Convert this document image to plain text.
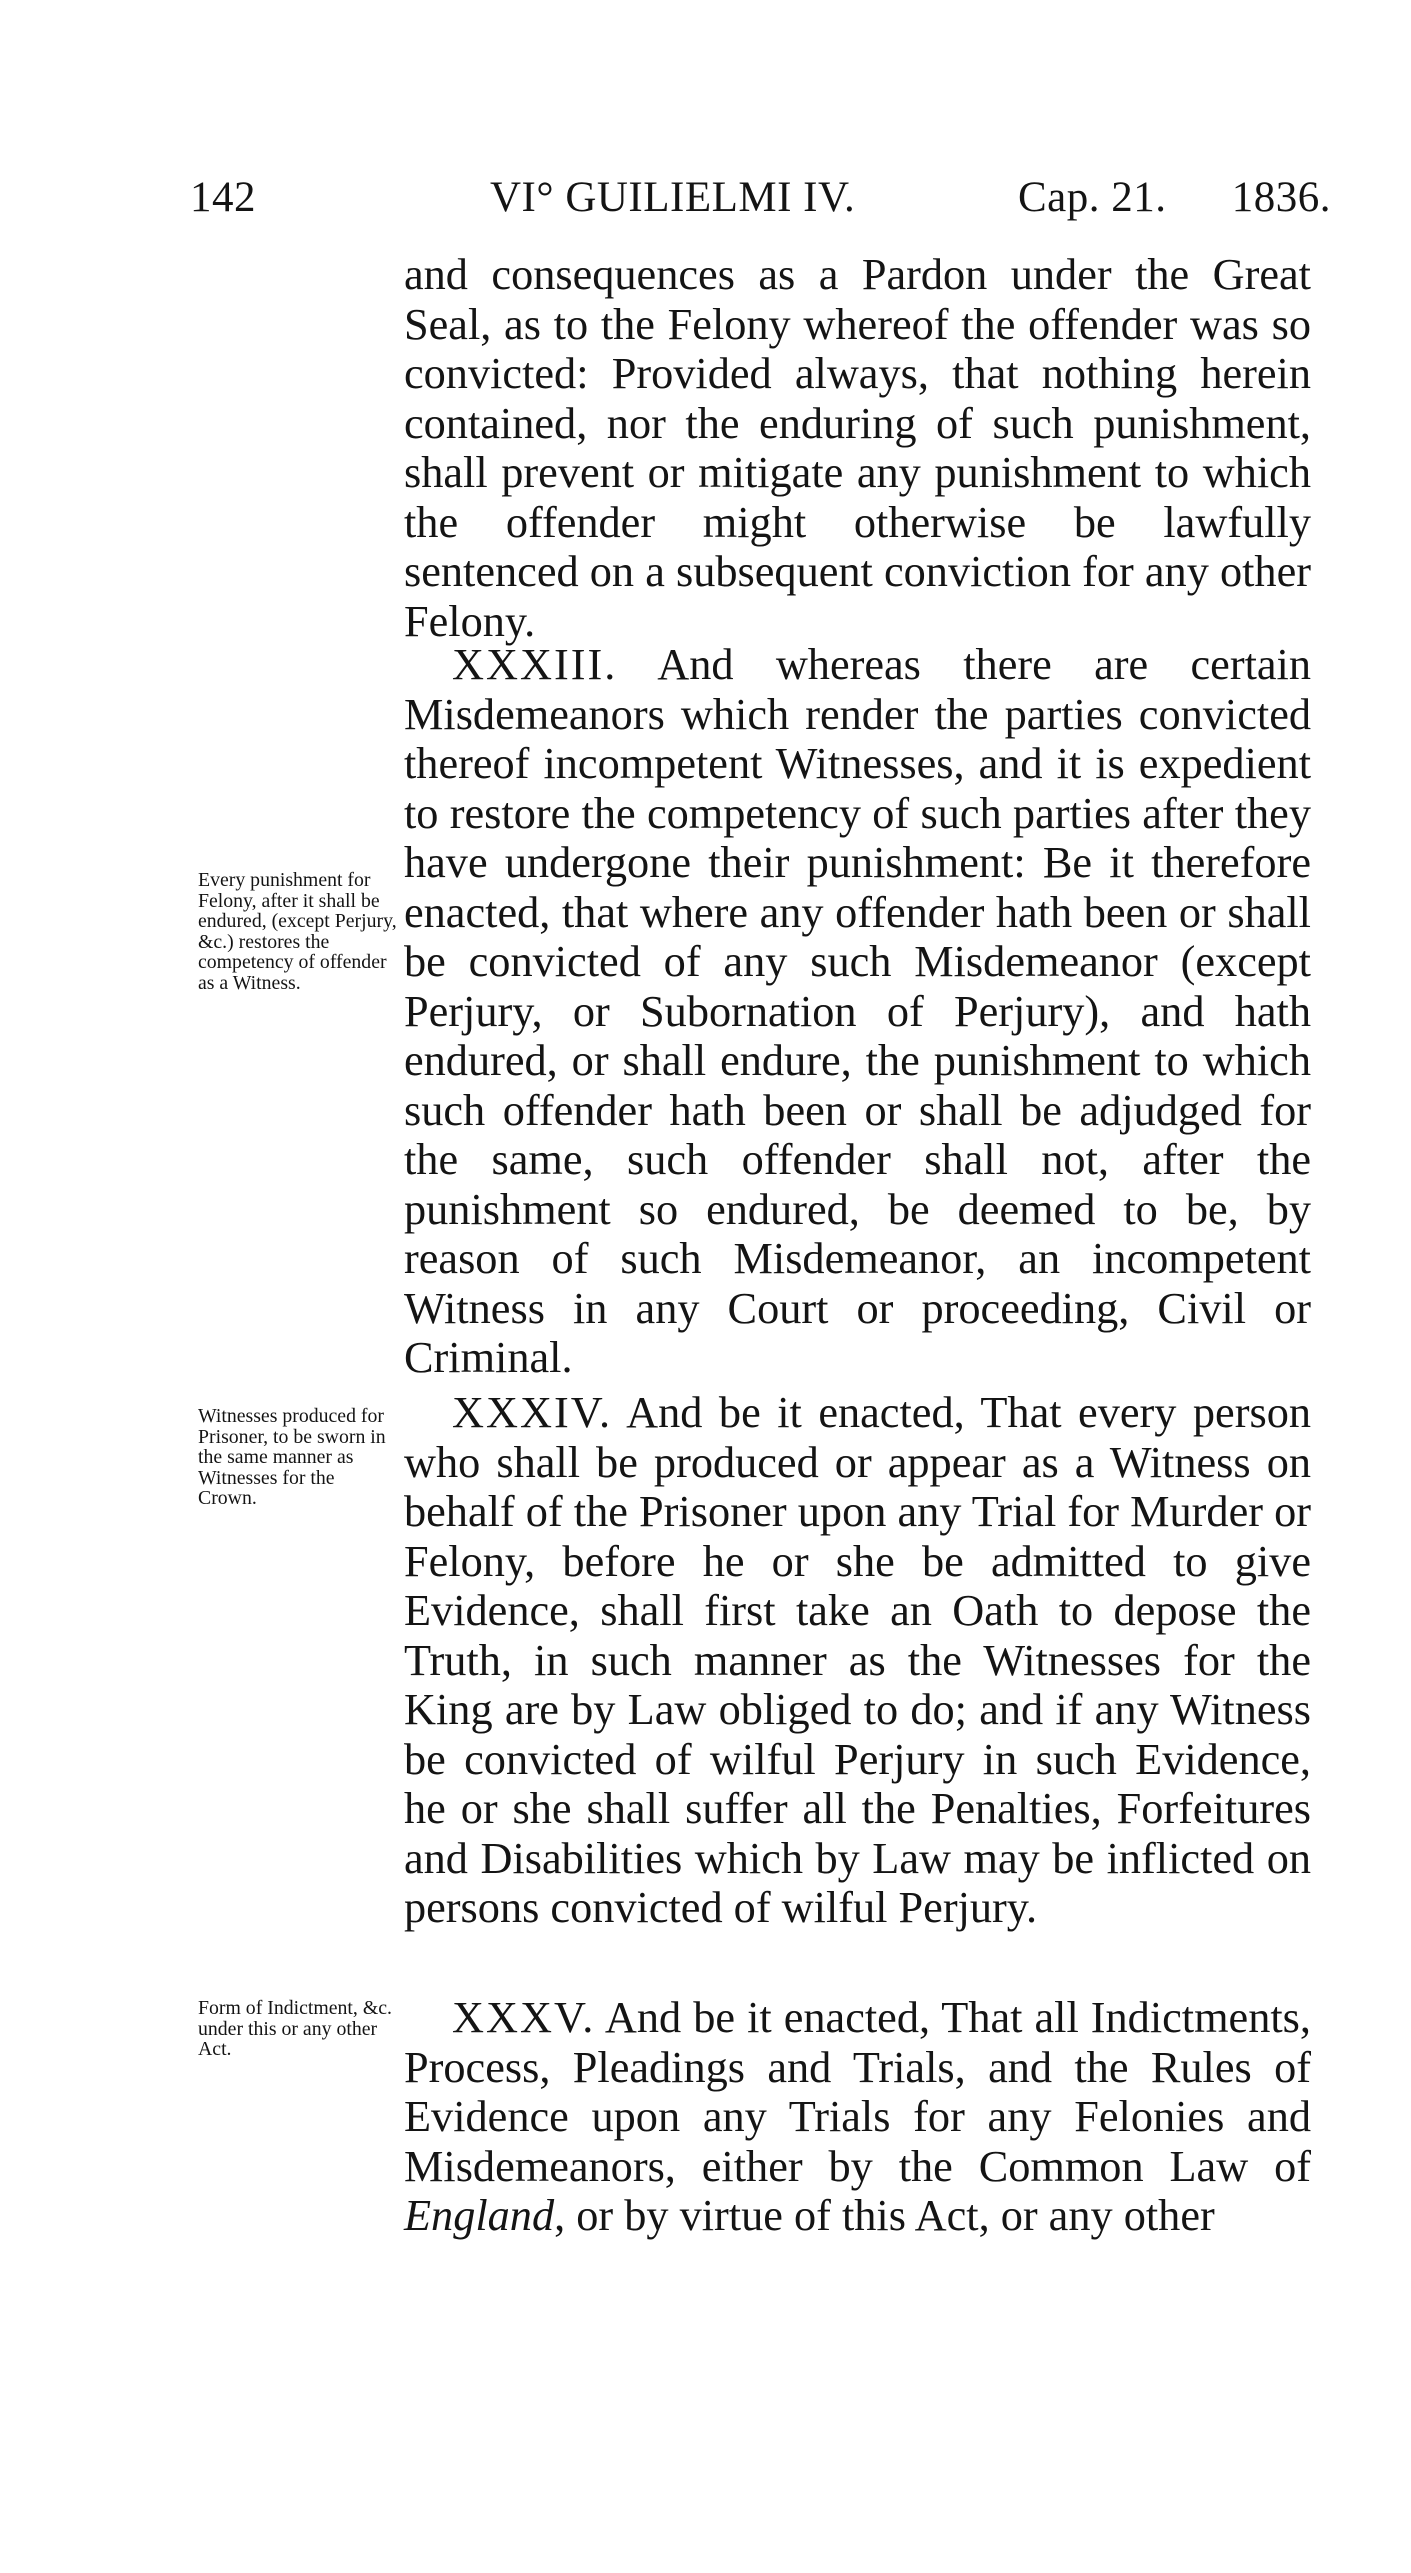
142	VI° GUILIELMI IV.	Cap. 21. 1836.

and consequences as a Pardon under the Great Seal, as to the Felony whereof the offender was so convicted: Provided always, that nothing herein contained, nor the enduring of such punishment, shall prevent or mitigate any punishment to which the offender might otherwise be lawfully sentenced on a subsequent conviction for any other Felony.

XXXIII. And whereas there are certain Misdemeanors which render the parties convicted thereof incompetent Witnesses, and it is expedient to restore the competency of such parties after they have undergone their punishment: Be it therefore enacted, that where any offender hath been or shall be convicted of any such Misdemeanor (except Perjury, or Subornation of Perjury), and hath endured, or shall endure, the punishment to which such offender hath been or shall be adjudged for the same, such offender shall not, after the punishment so endured, be deemed to be, by reason of such Misdemeanor, an incompetent Witness in any Court or proceeding, Civil or Criminal.

XXXIV. And be it enacted, That every person who shall be produced or appear as a Witness on behalf of the Prisoner upon any Trial for Murder or Felony, before he or she be admitted to give Evidence, shall first take an Oath to depose the Truth, in such manner as the Witnesses for the King are by Law obliged to do; and if any Witness be convicted of wilful Perjury in such Evidence, he or she shall suffer all the Penalties, Forfeitures and Disabilities which by Law may be inflicted on persons convicted of wilful Perjury.

XXXV. And be it enacted, That all Indictments, Process, Pleadings and Trials, and the Rules of Evidence upon any Trials for any Felonies and Misdemeanors, either by the Common Law of England, or by virtue of this Act, or any other

Every punishment for Felony, after it shall be endured, (except Perjury, &c.) restores the competency of offender as a Witness.
Witnesses produced for Prisoner, to be sworn in the same manner as Witnesses for the Crown.
Form of Indictment, &c. under this or any other Act.
